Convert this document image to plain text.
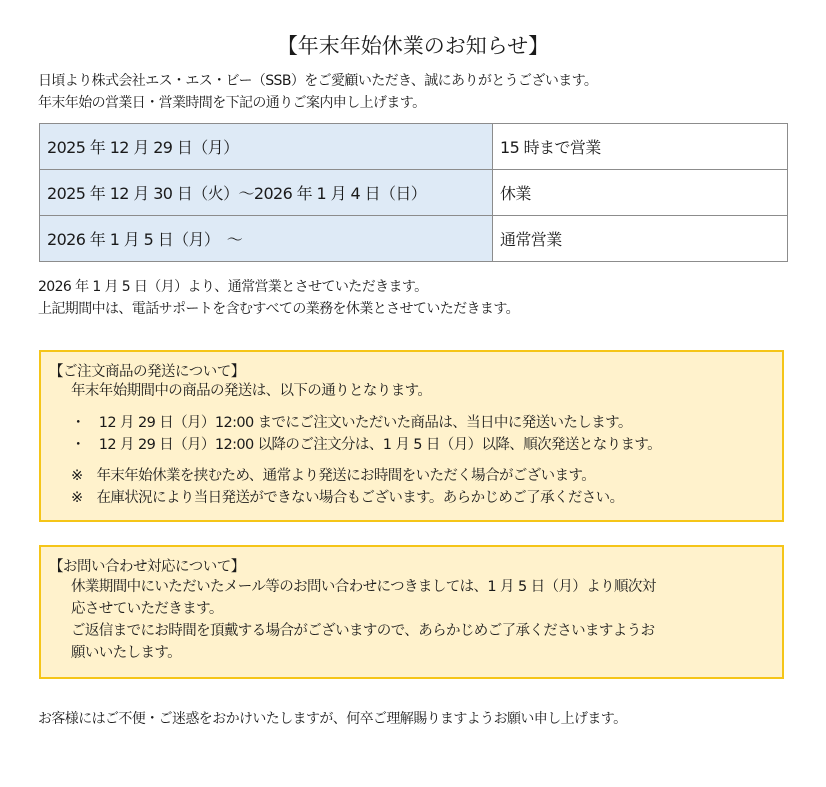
【年末年始休業のお知らせ】
日頃より株式会社エス・エス・ビー（SSB）をご愛顧いただき、誠にありがとうございます。
年末年始の営業日・営業時間を下記の通りご案内申し上げます。
2025 年 12 月 29 日（月）	15 時まで営業
2025 年 12 月 30 日（火）～2026 年 1 月 4 日（日）	休業
2026 年 1 月 5 日（月）　～	通常営業
2026 年 1 月 5 日（月）より、通常営業とさせていただきます。
上記期間中は、電話サポートを含むすべての業務を休業とさせていただきます。
【ご注文商品の発送について】
年末年始期間中の商品の発送は、以下の通りとなります。
・　12 月 29 日（月）12:00 までにご注文いただいた商品は、当日中に発送いたします。
・　12 月 29 日（月）12:00 以降のご注文分は、1 月 5 日（月）以降、順次発送となります。
※　年末年始休業を挟むため、通常より発送にお時間をいただく場合がございます。
※　在庫状況により当日発送ができない場合もございます。あらかじめご了承ください。
【お問い合わせ対応について】
休業期間中にいただいたメール等のお問い合わせにつきましては、1 月 5 日（月）より順次対
応させていただきます。
ご返信までにお時間を頂戴する場合がございますので、あらかじめご了承くださいますようお
願いいたします。
お客様にはご不便・ご迷惑をおかけいたしますが、何卒ご理解賜りますようお願い申し上げます。
